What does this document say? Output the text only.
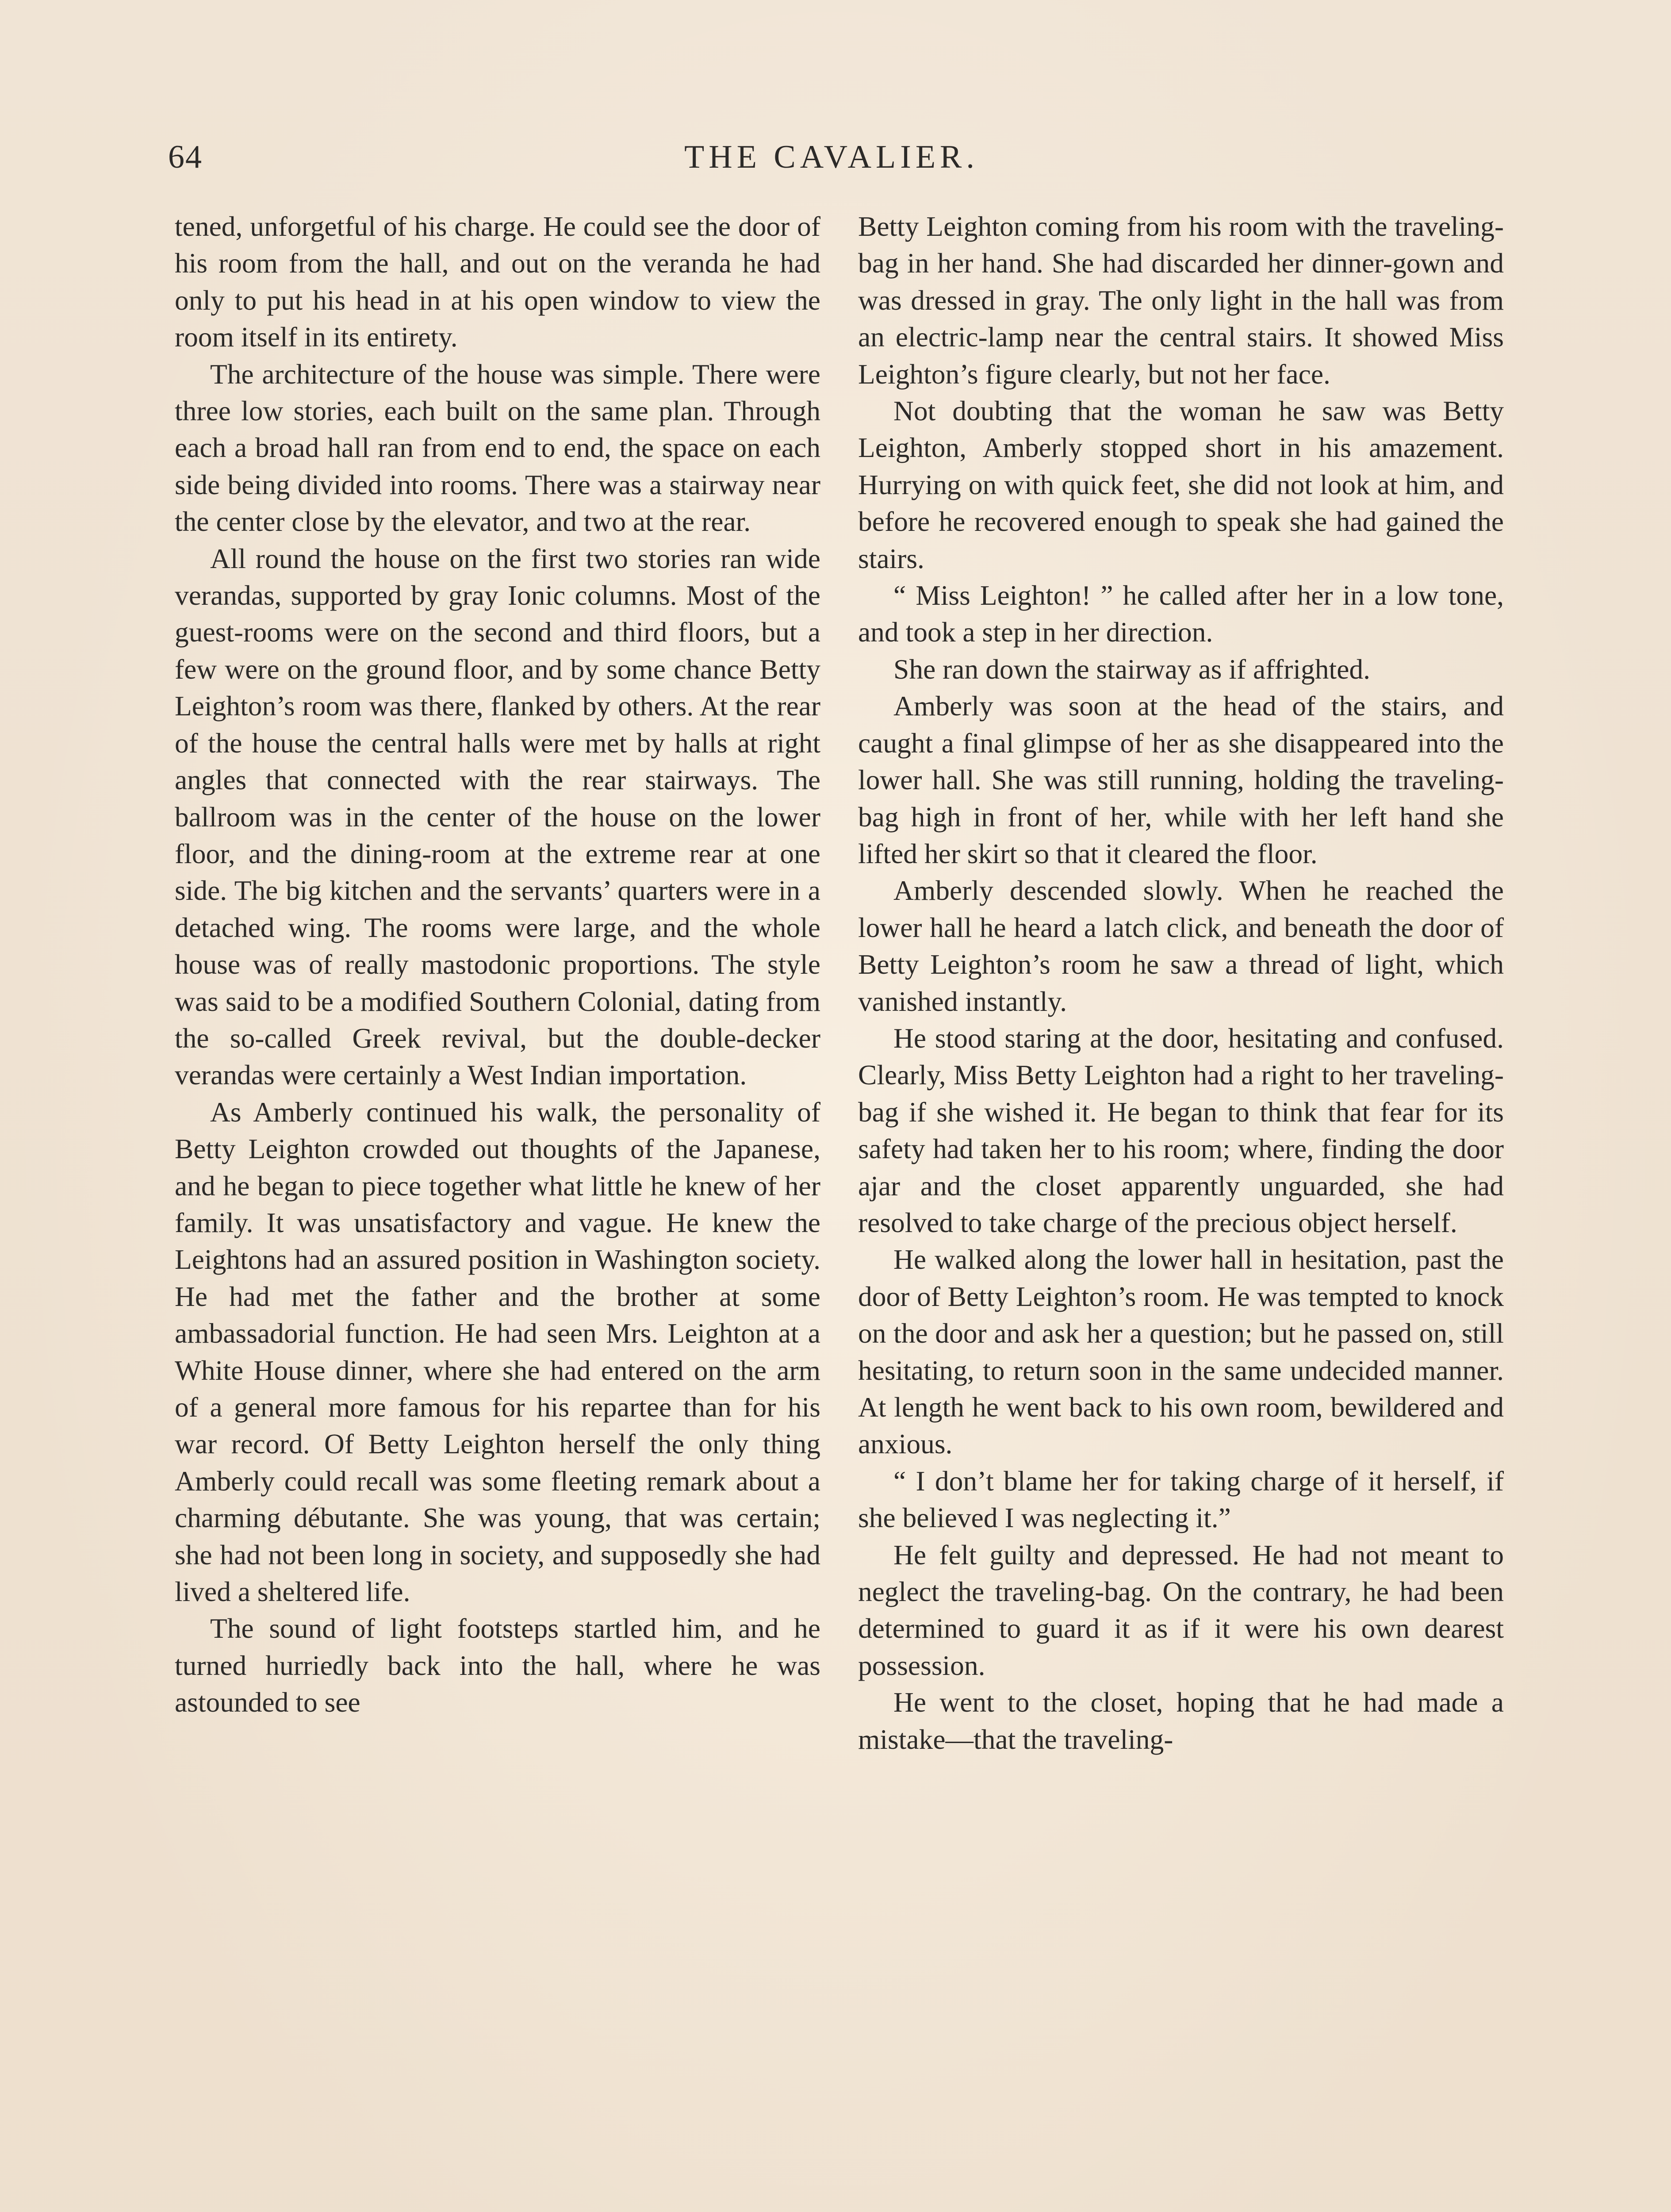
64	THE CAVALIER.

tened, unforgetful of his charge. He could see the door of his room from the hall, and out on the veranda he had only to put his head in at his open window to view the room itself in its entirety.

The architecture of the house was simple. There were three low stories, each built on the same plan. Through each a broad hall ran from end to end, the space on each side being divided into rooms. There was a stairway near the center close by the elevator, and two at the rear.

All round the house on the first two stories ran wide verandas, supported by gray Ionic columns. Most of the guest-rooms were on the second and third floors, but a few were on the ground floor, and by some chance Betty Leighton’s room was there, flanked by others. At the rear of the house the central halls were met by halls at right angles that connected with the rear stairways. The ballroom was in the center of the house on the lower floor, and the dining-room at the extreme rear at one side. The big kitchen and the servants’ quarters were in a detached wing. The rooms were large, and the whole house was of really mastodonic proportions. The style was said to be a modified Southern Colonial, dating from the so-called Greek revival, but the double-decker verandas were certainly a West Indian importation.

As Amberly continued his walk, the personality of Betty Leighton crowded out thoughts of the Japanese, and he began to piece together what little he knew of her family. It was unsatisfactory and vague. He knew the Leightons had an assured position in Washington society. He had met the father and the brother at some ambassadorial function. He had seen Mrs. Leighton at a White House dinner, where she had entered on the arm of a general more famous for his repartee than for his war record. Of Betty Leighton herself the only thing Amberly could recall was some fleeting remark about a charming débutante. She was young, that was certain; she had not been long in society, and supposedly she had lived a sheltered life.

The sound of light footsteps startled him, and he turned hurriedly back into the hall, where he was astounded to see

Betty Leighton coming from his room with the traveling-bag in her hand. She had discarded her dinner-gown and was dressed in gray. The only light in the hall was from an electric-lamp near the central stairs. It showed Miss Leighton’s figure clearly, but not her face.

Not doubting that the woman he saw was Betty Leighton, Amberly stopped short in his amazement. Hurrying on with quick feet, she did not look at him, and before he recovered enough to speak she had gained the stairs.

“ Miss Leighton! ” he called after her in a low tone, and took a step in her direction.

She ran down the stairway as if affrighted.

Amberly was soon at the head of the stairs, and caught a final glimpse of her as she disappeared into the lower hall. She was still running, holding the traveling-bag high in front of her, while with her left hand she lifted her skirt so that it cleared the floor.

Amberly descended slowly. When he reached the lower hall he heard a latch click, and beneath the door of Betty Leighton’s room he saw a thread of light, which vanished instantly.

He stood staring at the door, hesitating and confused. Clearly, Miss Betty Leighton had a right to her traveling-bag if she wished it. He began to think that fear for its safety had taken her to his room; where, finding the door ajar and the closet apparently unguarded, she had resolved to take charge of the precious object herself.

He walked along the lower hall in hesitation, past the door of Betty Leighton’s room. He was tempted to knock on the door and ask her a question; but he passed on, still hesitating, to return soon in the same undecided manner. At length he went back to his own room, bewildered and anxious.

“ I don’t blame her for taking charge of it herself, if she believed I was neglecting it.”

He felt guilty and depressed. He had not meant to neglect the traveling-bag. On the contrary, he had been determined to guard it as if it were his own dearest possession.

He went to the closet, hoping that he had made a mistake—that the traveling-
